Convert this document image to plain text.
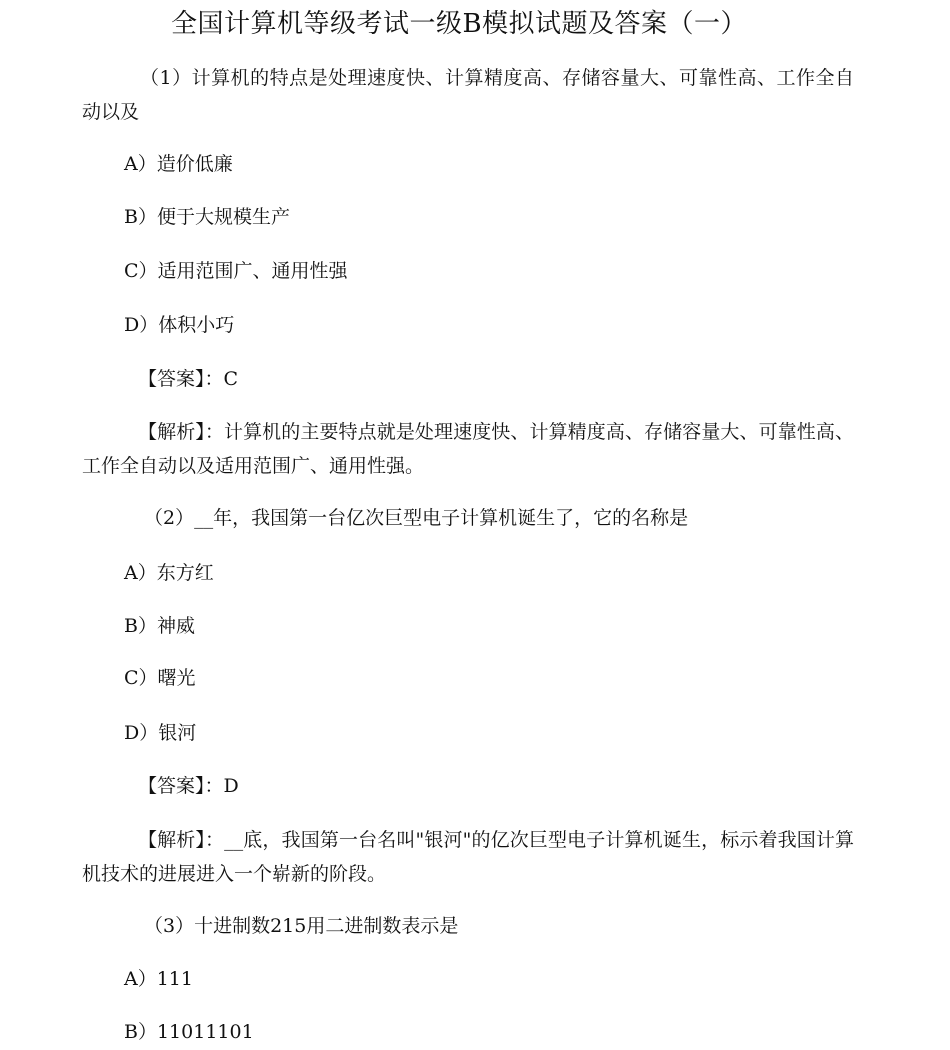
全国计算机等级考试一级B模拟试题及答案（一）
（1）计算机的特点是处理速度快、计算精度高、存储容量大、可靠性高、工作全自动以及
A）造价低廉
B）便于大规模生产
C）适用范围广、通用性强
D）体积小巧
【答案】：C
【解析】：计算机的主要特点就是处理速度快、计算精度高、存储容量大、可靠性高、工作全自动以及适用范围广、通用性强。
（2）__年，我国第一台亿次巨型电子计算机诞生了，它的名称是
A）东方红
B）神威
C）曙光
D）银河
【答案】：D
【解析】：__底，我国第一台名叫"银河"的亿次巨型电子计算机诞生，标示着我国计算机技术的进展进入一个崭新的阶段。
（3）十进制数215用二进制数表示是
A）111
B）11011101
